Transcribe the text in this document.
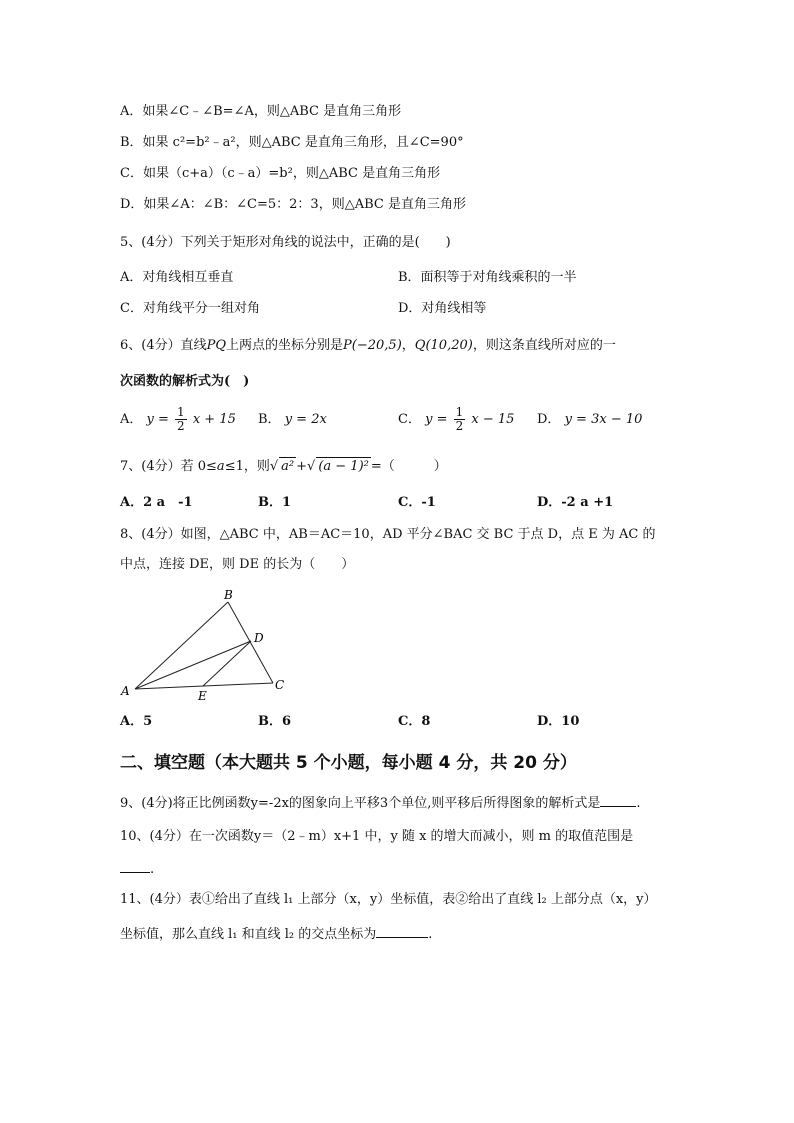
A．如果∠C﹣∠B=∠A，则△ABC 是直角三角形
B．如果 c²=b²﹣a²，则△ABC 是直角三角形，且∠C=90°
C．如果（c+a）（c﹣a）=b²，则△ABC 是直角三角形
D．如果∠A：∠B：∠C=5：2：3，则△ABC 是直角三角形
5、(4分）下列关于矩形对角线的说法中，正确的是(　　)
A．对角线相互垂直	B．面积等于对角线乘积的一半
C．对角线平分一组对角	D．对角线相等
6、(4分）直线PQ上两点的坐标分别是P(−20,5)，Q(10,20)，则这条直线所对应的一
次函数的解析式为(　)
A． $y = \frac{1}{2}$ x + 15 B． y = 2x	C． $y = \frac{1}{2}$ x − 15 D． y = 3x − 10
7、(4分）若 0≤a≤1，则√ a² +√ (a − 1)² =（　　　）
A．2 a　-1	B．1	C．-1	D．-2 a +1
8、(4分）如图，△ABC 中，AB＝AC＝10，AD 平分∠BAC 交 BC 于点 D，点 E 为 AC 的
中点，连接 DE，则 DE 的长为（　　）
A
B
C
D
E
A．5	B．6	C．8	D．10
二、填空题（本大题共 5 个小题，每小题 4 分，共 20 分）
9、(4分)将正比例函数y=-2x的图象向上平移3个单位,则平移后所得图象的解析式是	.
10、(4分）在一次函数y＝（2﹣m）x+1 中，y 随 x 的增大而减小，则 m 的取值范围是
.
11、(4分）表①给出了直线 l₁ 上部分（x，y）坐标值，表②给出了直线 l₂ 上部分点（x，y）
坐标值，那么直线 l₁ 和直线 l₂ 的交点坐标为	.
